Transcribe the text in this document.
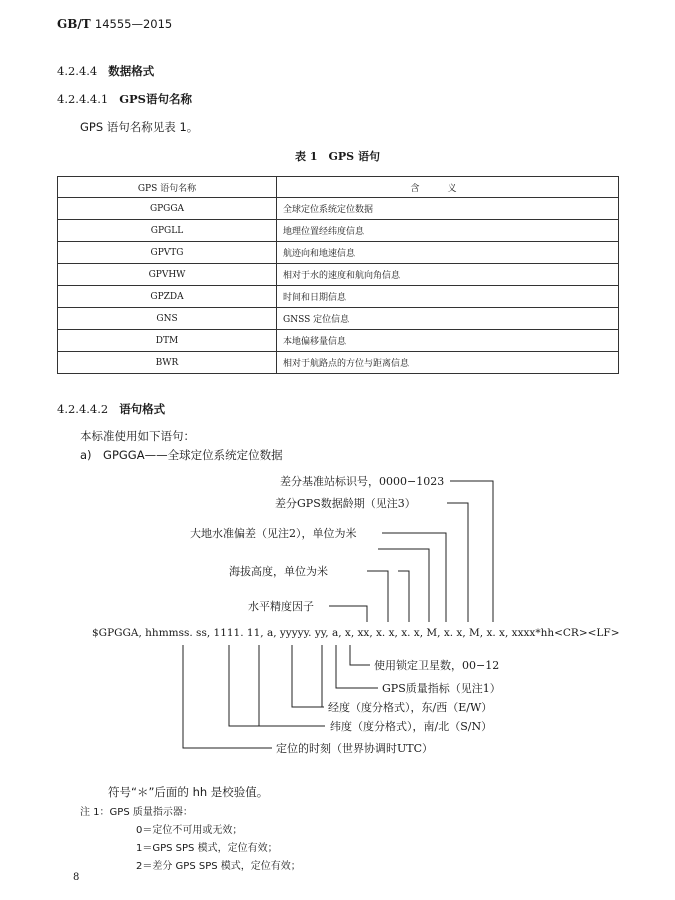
GB/T 14555—2015
4.2.4.4 数据格式
4.2.4.4.1 GPS语句名称
GPS 语句名称见表 1。
表 1　GPS 语句
GPS 语句名称	含义
GPGGA	全球定位系统定位数据
GPGLL	地理位置经纬度信息
GPVTG	航迹向和地速信息
GPVHW	相对于水的速度和航向角信息
GPZDA	时间和日期信息
GNS	GNSS 定位信息
DTM	本地偏移量信息
BWR	相对于航路点的方位与距离信息
4.2.4.4.2 语句格式
本标准使用如下语句：
a)　GPGGA——全球定位系统定位数据
差分基准站标识号，0000−1023
差分GPS数据龄期（见注3）
大地水准偏差（见注2），单位为米
海拔高度，单位为米
水平精度因子
$GPGGA, hhmmss. ss, 1111. 11, a, yyyyy. yy, a, x, xx, x. x, x. x, M, x. x, M, x. x, xxxx*hh<CR><LF>
使用锁定卫星数，00−12
GPS质量指标（见注1）
经度（度分格式），东/西（E/W）
纬度（度分格式），南/北（S/N）
定位的时刻（世界协调时UTC）
符号“＊”后面的 hh 是校验值。
注 1：GPS 质量指示器：
0＝定位不可用或无效；
1＝GPS SPS 模式，定位有效；
2＝差分 GPS SPS 模式，定位有效；
8
